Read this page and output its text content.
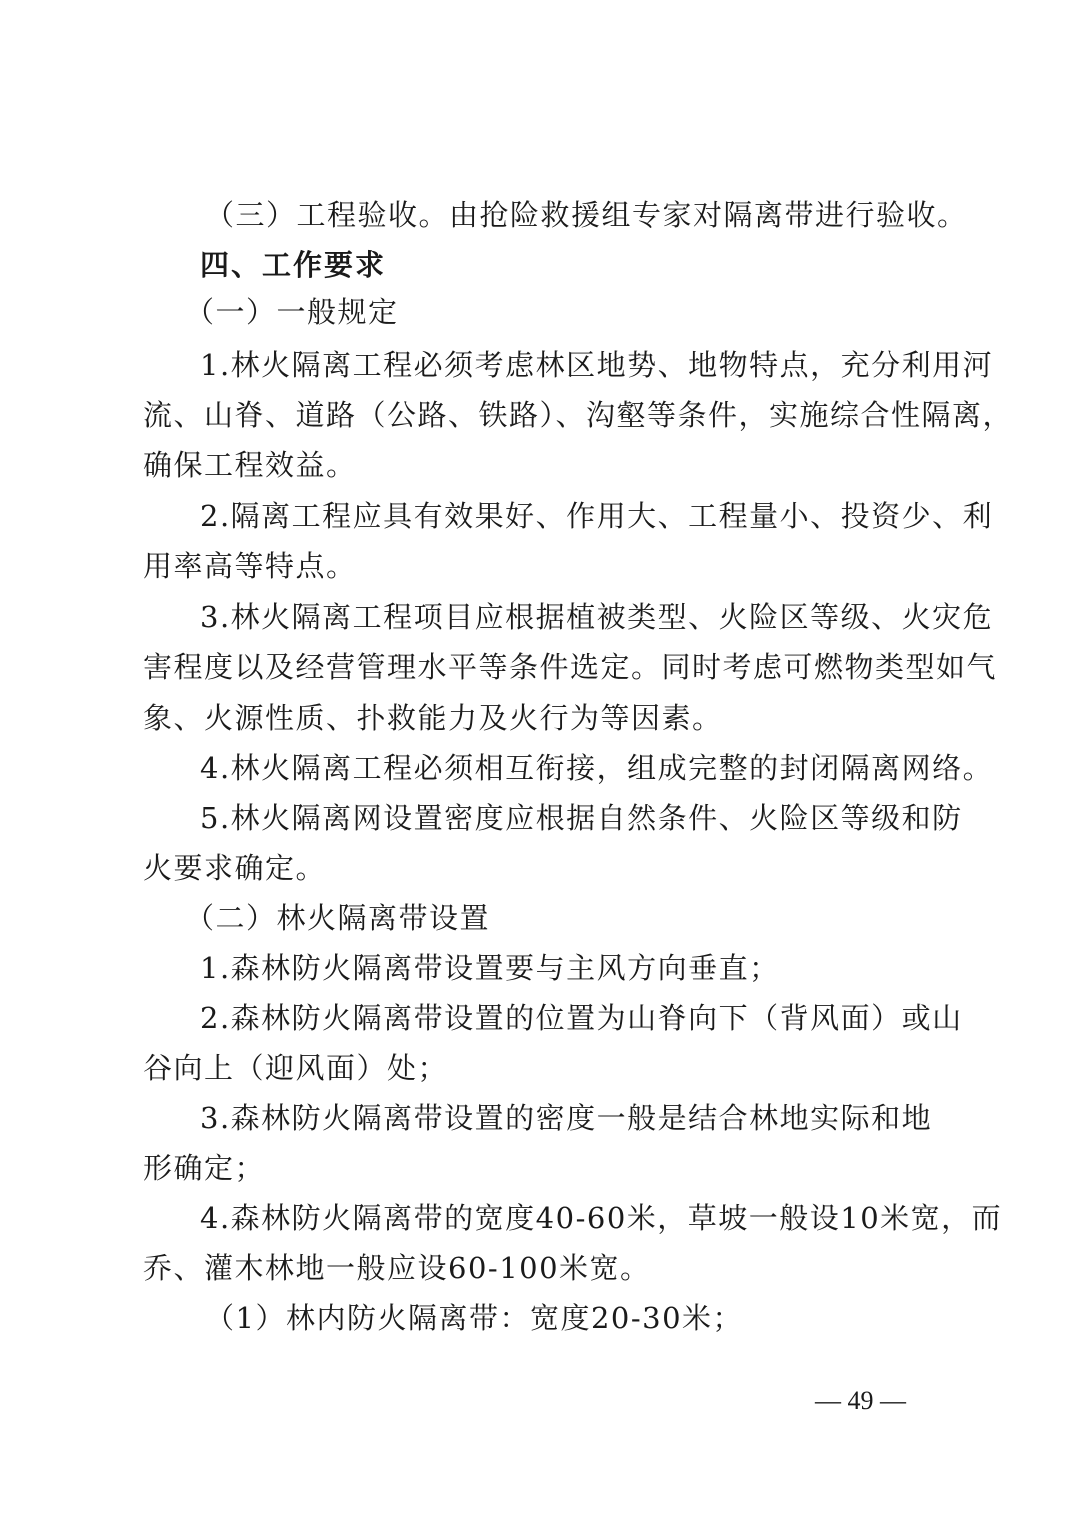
（三）工程验收。由抢险救援组专家对隔离带进行验收。
四、工作要求
（一）一般规定
1.林火隔离工程必须考虑林区地势、地物特点，充分利用河
流、山脊、道路（公路、铁路）、沟壑等条件，实施综合性隔离，
确保工程效益。
2.隔离工程应具有效果好、作用大、工程量小、投资少、利
用率高等特点。
3.林火隔离工程项目应根据植被类型、火险区等级、火灾危
害程度以及经营管理水平等条件选定。同时考虑可燃物类型如气
象、火源性质、扑救能力及火行为等因素。
4.林火隔离工程必须相互衔接，组成完整的封闭隔离网络。
5.林火隔离网设置密度应根据自然条件、火险区等级和防
火要求确定。
（二）林火隔离带设置
1.森林防火隔离带设置要与主风方向垂直；
2.森林防火隔离带设置的位置为山脊向下（背风面）或山
谷向上（迎风面）处；
3.森林防火隔离带设置的密度一般是结合林地实际和地
形确定；
4.森林防火隔离带的宽度40-60米，草坡一般设10米宽，而
乔、灌木林地一般应设60-100米宽。
（1）林内防火隔离带：宽度20-30米；
— 49 —
